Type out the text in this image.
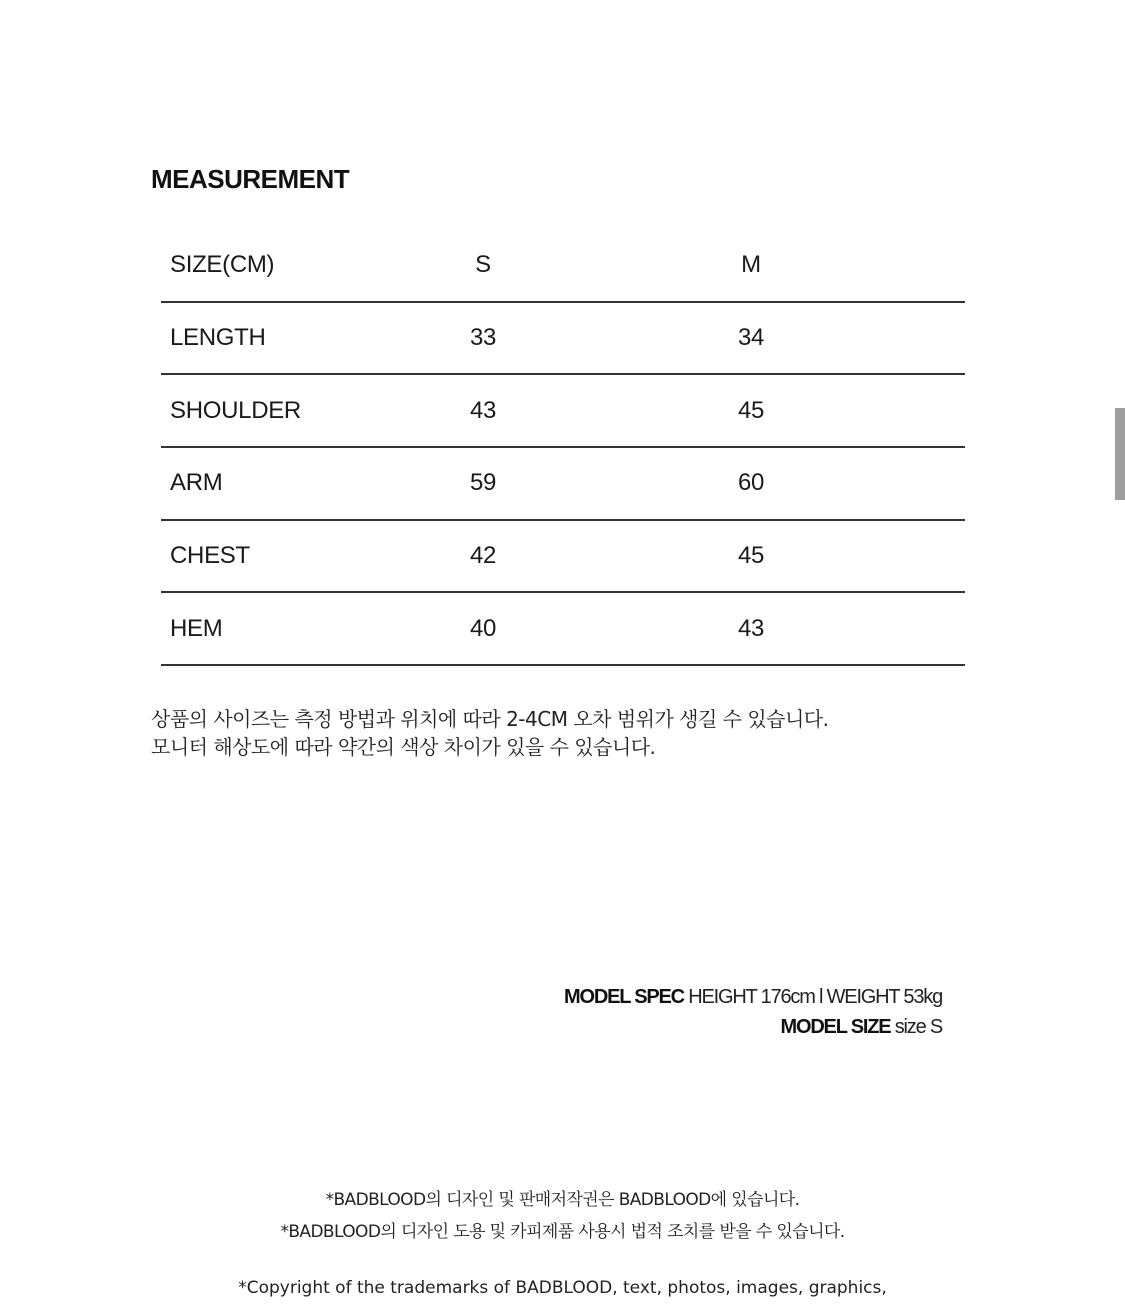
MEASUREMENT
SIZE(CM)	S	M
LENGTH	33	34
SHOULDER	43	45
ARM	59	60
CHEST	42	45
HEM	40	43
상품의 사이즈는 측정 방법과 위치에 따라 2-4CM 오차 범위가 생길 수 있습니다.
모니터 해상도에 따라 약간의 색상 차이가 있을 수 있습니다.
MODEL SPEC HEIGHT 176cm l WEIGHT 53kg
MODEL SIZE size S
*BADBLOOD의 디자인 및 판매저작권은 BADBLOOD에 있습니다.
*BADBLOOD의 디자인 도용 및 카피제품 사용시 법적 조치를 받을 수 있습니다.
*Copyright of the trademarks of BADBLOOD, text, photos, images, graphics,
